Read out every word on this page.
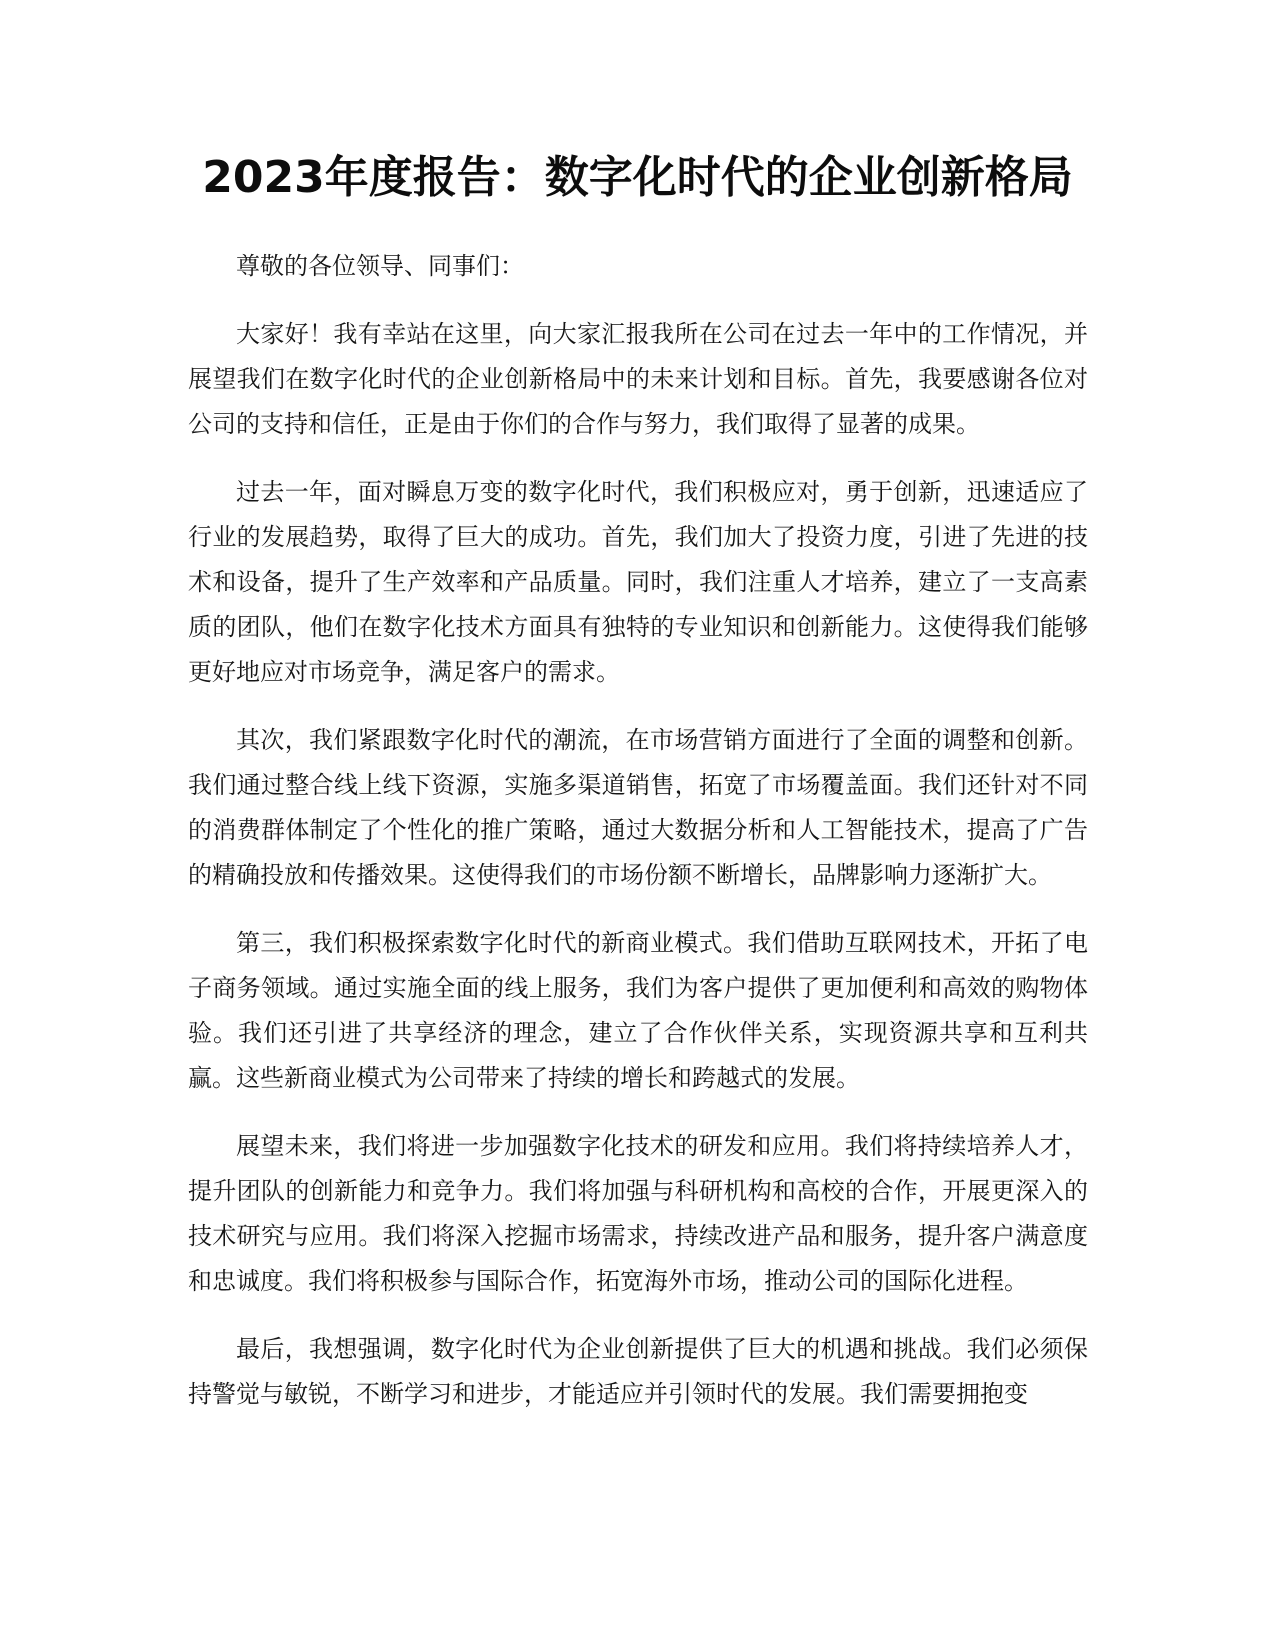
2023年度报告：数字化时代的企业创新格局

尊敬的各位领导、同事们：

大家好！我有幸站在这里，向大家汇报我所在公司在过去一年中的工作情况，并展望我们在数字化时代的企业创新格局中的未来计划和目标。首先，我要感谢各位对公司的支持和信任，正是由于你们的合作与努力，我们取得了显著的成果。

过去一年，面对瞬息万变的数字化时代，我们积极应对，勇于创新，迅速适应了行业的发展趋势，取得了巨大的成功。首先，我们加大了投资力度，引进了先进的技术和设备，提升了生产效率和产品质量。同时，我们注重人才培养，建立了一支高素质的团队，他们在数字化技术方面具有独特的专业知识和创新能力。这使得我们能够更好地应对市场竞争，满足客户的需求。

其次，我们紧跟数字化时代的潮流，在市场营销方面进行了全面的调整和创新。我们通过整合线上线下资源，实施多渠道销售，拓宽了市场覆盖面。我们还针对不同的消费群体制定了个性化的推广策略，通过大数据分析和人工智能技术，提高了广告的精确投放和传播效果。这使得我们的市场份额不断增长，品牌影响力逐渐扩大。

第三，我们积极探索数字化时代的新商业模式。我们借助互联网技术，开拓了电子商务领域。通过实施全面的线上服务，我们为客户提供了更加便利和高效的购物体验。我们还引进了共享经济的理念，建立了合作伙伴关系，实现资源共享和互利共赢。这些新商业模式为公司带来了持续的增长和跨越式的发展。

展望未来，我们将进一步加强数字化技术的研发和应用。我们将持续培养人才，提升团队的创新能力和竞争力。我们将加强与科研机构和高校的合作，开展更深入的技术研究与应用。我们将深入挖掘市场需求，持续改进产品和服务，提升客户满意度和忠诚度。我们将积极参与国际合作，拓宽海外市场，推动公司的国际化进程。

最后，我想强调，数字化时代为企业创新提供了巨大的机遇和挑战。我们必须保持警觉与敏锐，不断学习和进步，才能适应并引领时代的发展。我们需要拥抱变
